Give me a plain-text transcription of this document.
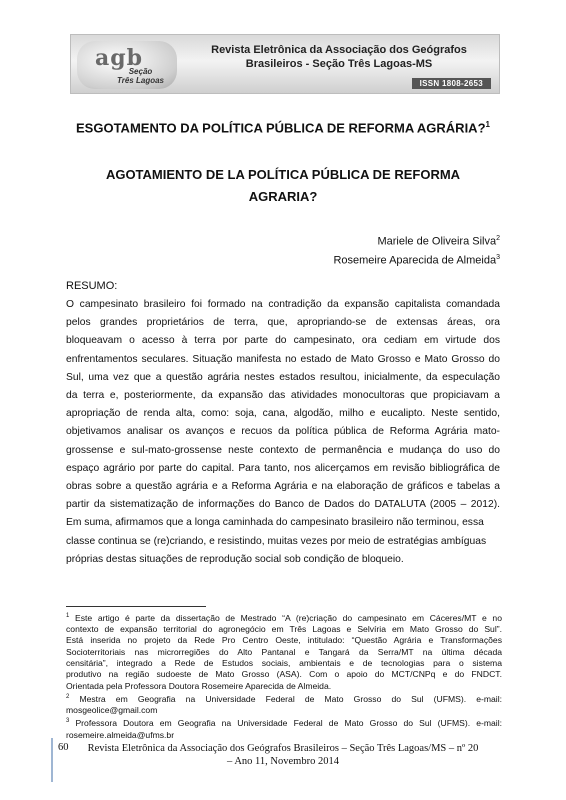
agb
Seção
Três Lagoas
Revista Eletrônica da Associação dos Geógrafos
Brasileiros - Seção Três Lagoas-MS
ISSN 1808-2653
ESGOTAMENTO DA POLÍTICA PÚBLICA DE REFORMA AGRÁRIA?$^1$
AGOTAMIENTO DE LA POLÍTICA PÚBLICA DE REFORMA
AGRARIA?
Mariele de Oliveira Silva$^2$
Rosemeire Aparecida de Almeida$^3$
RESUMO:
O campesinato brasileiro foi formado na contradição da expansão capitalista comandada
pelos grandes proprietários de terra, que, apropriando-se de extensas áreas, ora
bloqueavam o acesso à terra por parte do campesinato, ora cediam em virtude dos
enfrentamentos seculares. Situação manifesta no estado de Mato Grosso e Mato Grosso do
Sul, uma vez que a questão agrária nestes estados resultou, inicialmente, da especulação
da terra e, posteriormente, da expansão das atividades monocultoras que propiciavam a
apropriação de renda alta, como: soja, cana, algodão, milho e eucalipto. Neste sentido,
objetivamos analisar os avanços e recuos da política pública de Reforma Agrária mato-
grossense e sul-mato-grossense neste contexto de permanência e mudança do uso do
espaço agrário por parte do capital. Para tanto, nos alicerçamos em revisão bibliográfica de
obras sobre a questão agrária e a Reforma Agrária e na elaboração de gráficos e tabelas a
partir da sistematização de informações do Banco de Dados do DATALUTA (2005 – 2012).
Em suma, afirmamos que a longa caminhada do campesinato brasileiro não terminou, essa
classe continua se (re)criando, e resistindo, muitas vezes por meio de estratégias ambíguas
próprias destas situações de reprodução social sob condição de bloqueio.
$^1$ Este artigo é parte da dissertação de Mestrado “A (re)criação do campesinato em Cáceres/MT e no
contexto de expansão territorial do agronegócio em Três Lagoas e Selvíria em Mato Grosso do Sul”.
Está inserida no projeto da Rede Pro Centro Oeste, intitulado: “Questão Agrária e Transformações
Socioterritoriais nas microrregiões do Alto Pantanal e Tangará da Serra/MT na última década
censitária”, integrado a Rede de Estudos sociais, ambientais e de tecnologias para o sistema
produtivo na região sudoeste de Mato Grosso (ASA). Com o apoio do MCT/CNPq e do FNDCT.
Orientada pela Professora Doutora Rosemeire Aparecida de Almeida.
$^2$ Mestra em Geografia na Universidade Federal de Mato Grosso do Sul (UFMS). e-mail:
mosgeolice@gmail.com
$^3$ Professora Doutora em Geografia na Universidade Federal de Mato Grosso do Sul (UFMS). e-mail:
rosemeire.almeida@ufms.br
60	Revista Eletrônica da Associação dos Geógrafos Brasileiros – Seção Três Lagoas/MS – nº 20
– Ano 11, Novembro 2014
